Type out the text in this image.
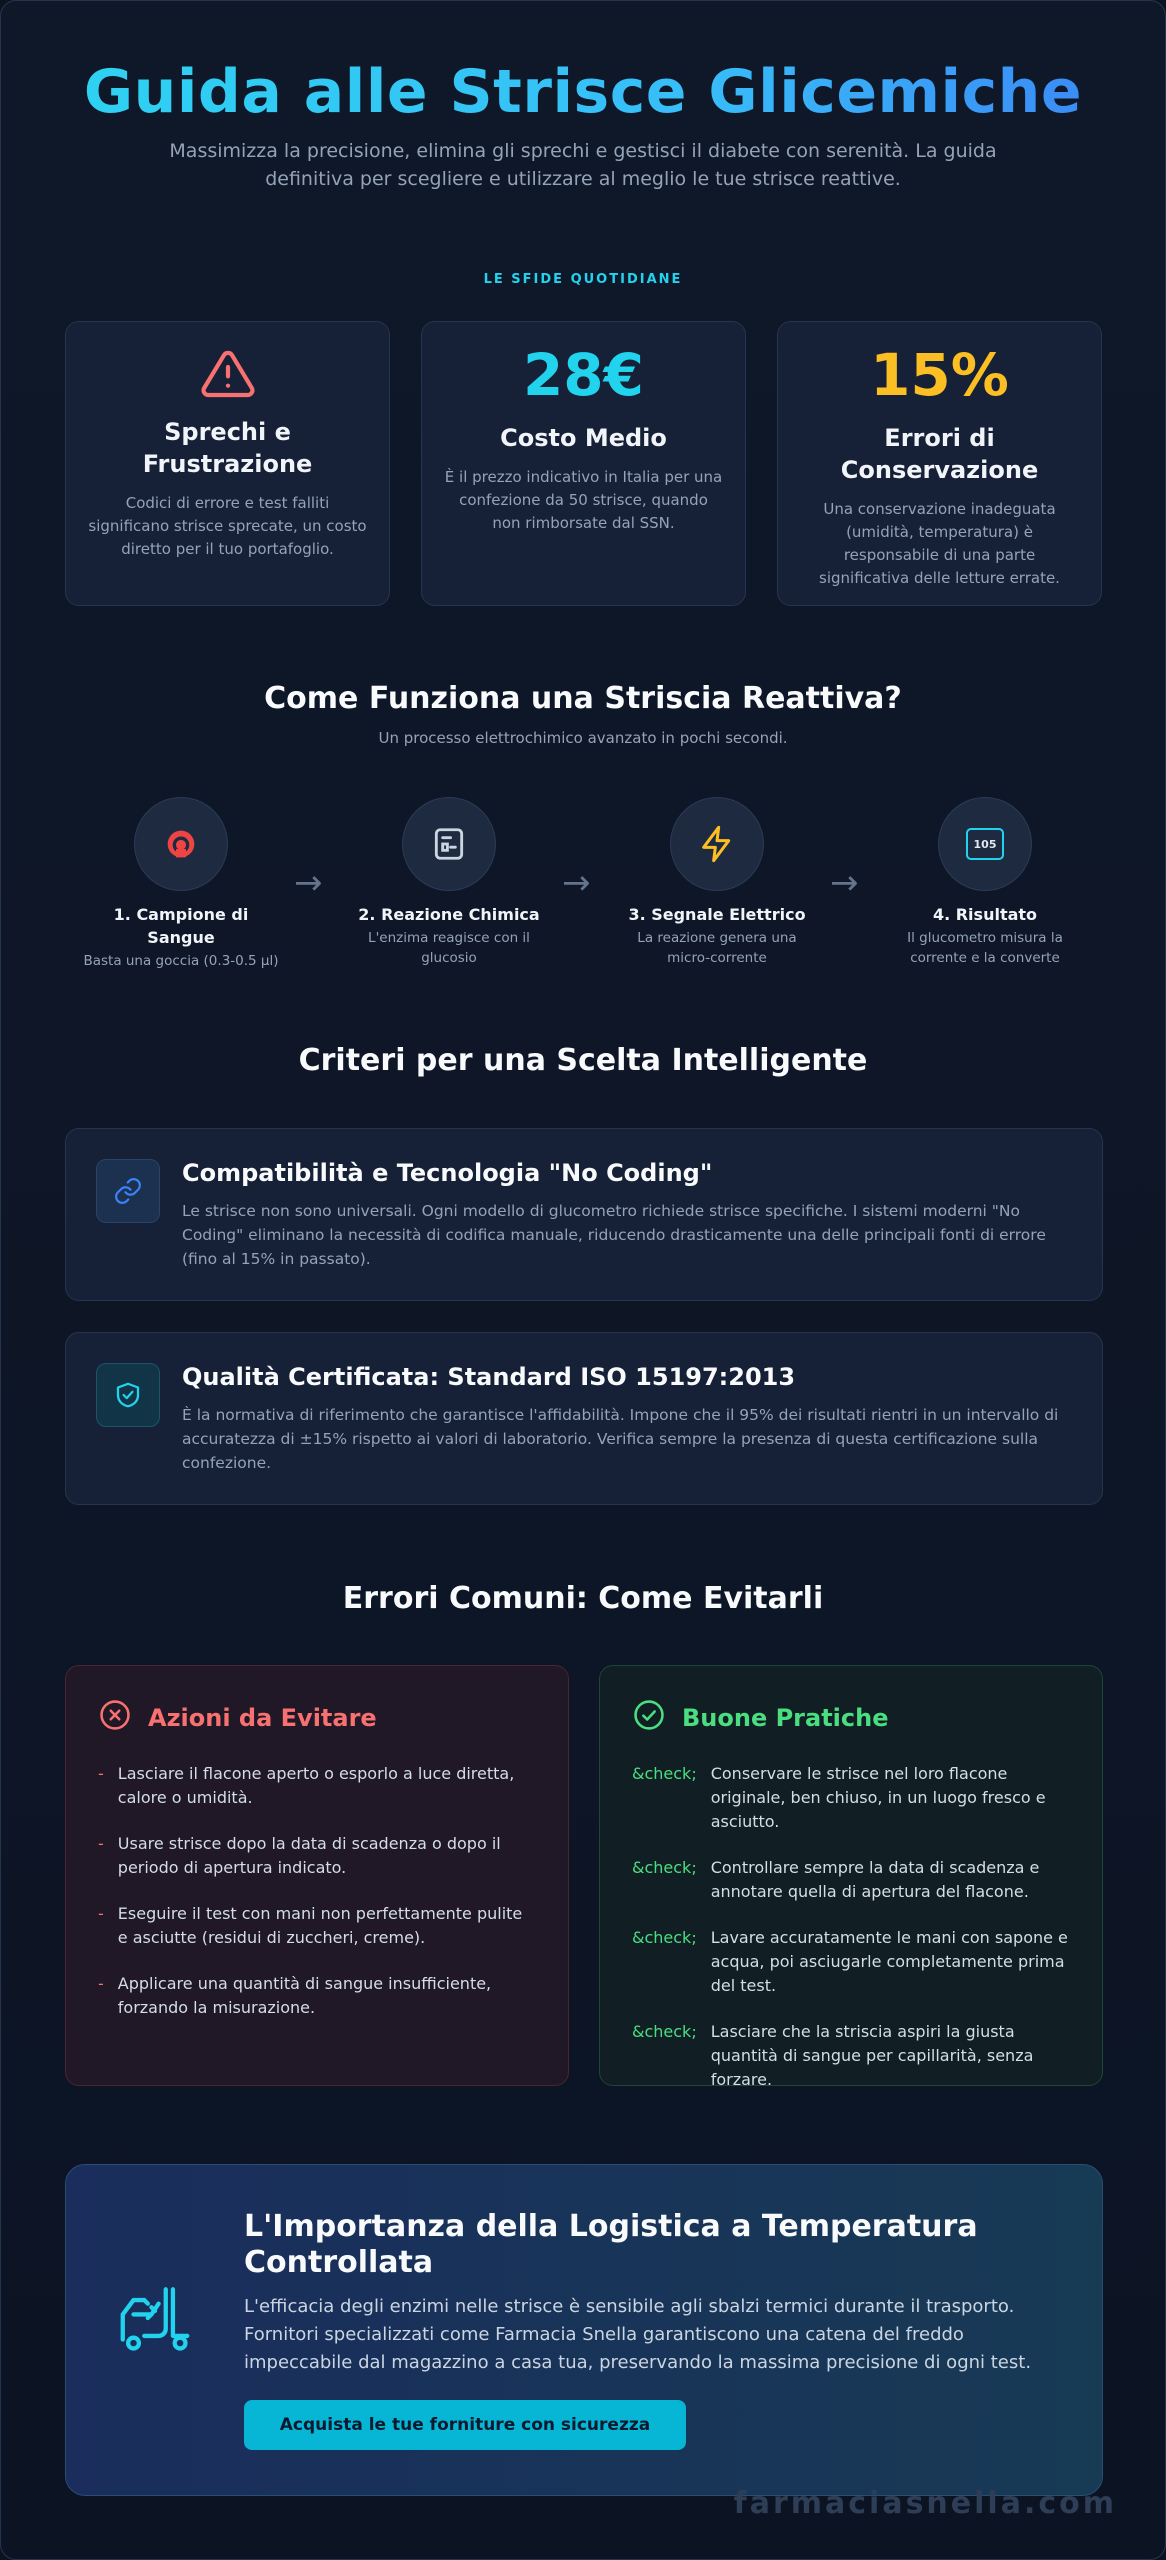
Guida alle Strisce Glicemiche
Massimizza la precisione, elimina gli sprechi e gestisci il diabete con serenità. La guida definitiva per scegliere e utilizzare al meglio le tue strisce reattive.
LE SFIDE QUOTIDIANE
Sprechi e Frustrazione

Codici di errore e test falliti significano strisce sprecate, un costo diretto per il tuo portafoglio.

28€
Costo Medio

È il prezzo indicativo in Italia per una confezione da 50 strisce, quando non rimborsate dal SSN.

15%
Errori di Conservazione

Una conservazione inadeguata (umidità, temperatura) è responsabile di una parte significativa delle letture errate.

Come Funziona una Striscia Reattiva?
Un processo elettrochimico avanzato in pochi secondi.
1. Campione di Sangue
Basta una goccia (0.3-0.5 µl)
→
2. Reazione Chimica
L'enzima reagisce con il glucosio
→
3. Segnale Elettrico
La reazione genera una micro-corrente
→
105
4. Risultato
Il glucometro misura la corrente e la converte
Criteri per una Scelta Intelligente
Compatibilità e Tecnologia "No Coding"

Le strisce non sono universali. Ogni modello di glucometro richiede strisce specifiche. I sistemi moderni "No Coding" eliminano la necessità di codifica manuale, riducendo drasticamente una delle principali fonti di errore (fino al 15% in passato).

Qualità Certificata: Standard ISO 15197:2013

È la normativa di riferimento che garantisce l'affidabilità. Impone che il 95% dei risultati rientri in un intervallo di accuratezza di ±15% rispetto ai valori di laboratorio. Verifica sempre la presenza di questa certificazione sulla confezione.

Errori Comuni: Come Evitarli
Azioni da Evitare
- Lasciare il flacone aperto o esporlo a luce diretta, calore o umidità.
- Usare strisce dopo la data di scadenza o dopo il periodo di apertura indicato.
- Eseguire il test con mani non perfettamente pulite e asciutte (residui di zuccheri, creme).
- Applicare una quantità di sangue insufficiente, forzando la misurazione.
Buone Pratiche
&check; Conservare le strisce nel loro flacone originale, ben chiuso, in un luogo fresco e asciutto.
&check; Controllare sempre la data di scadenza e annotare quella di apertura del flacone.
&check; Lavare accuratamente le mani con sapone e acqua, poi asciugarle completamente prima del test.
&check; Lasciare che la striscia aspiri la giusta quantità di sangue per capillarità, senza forzare.
L'Importanza della Logistica a Temperatura Controllata

L'efficacia degli enzimi nelle strisce è sensibile agli sbalzi termici durante il trasporto. Fornitori specializzati come Farmacia Snella garantiscono una catena del freddo impeccabile dal magazzino a casa tua, preservando la massima precisione di ogni test.

Acquista le tue forniture con sicurezza
farmaciasnella.com
